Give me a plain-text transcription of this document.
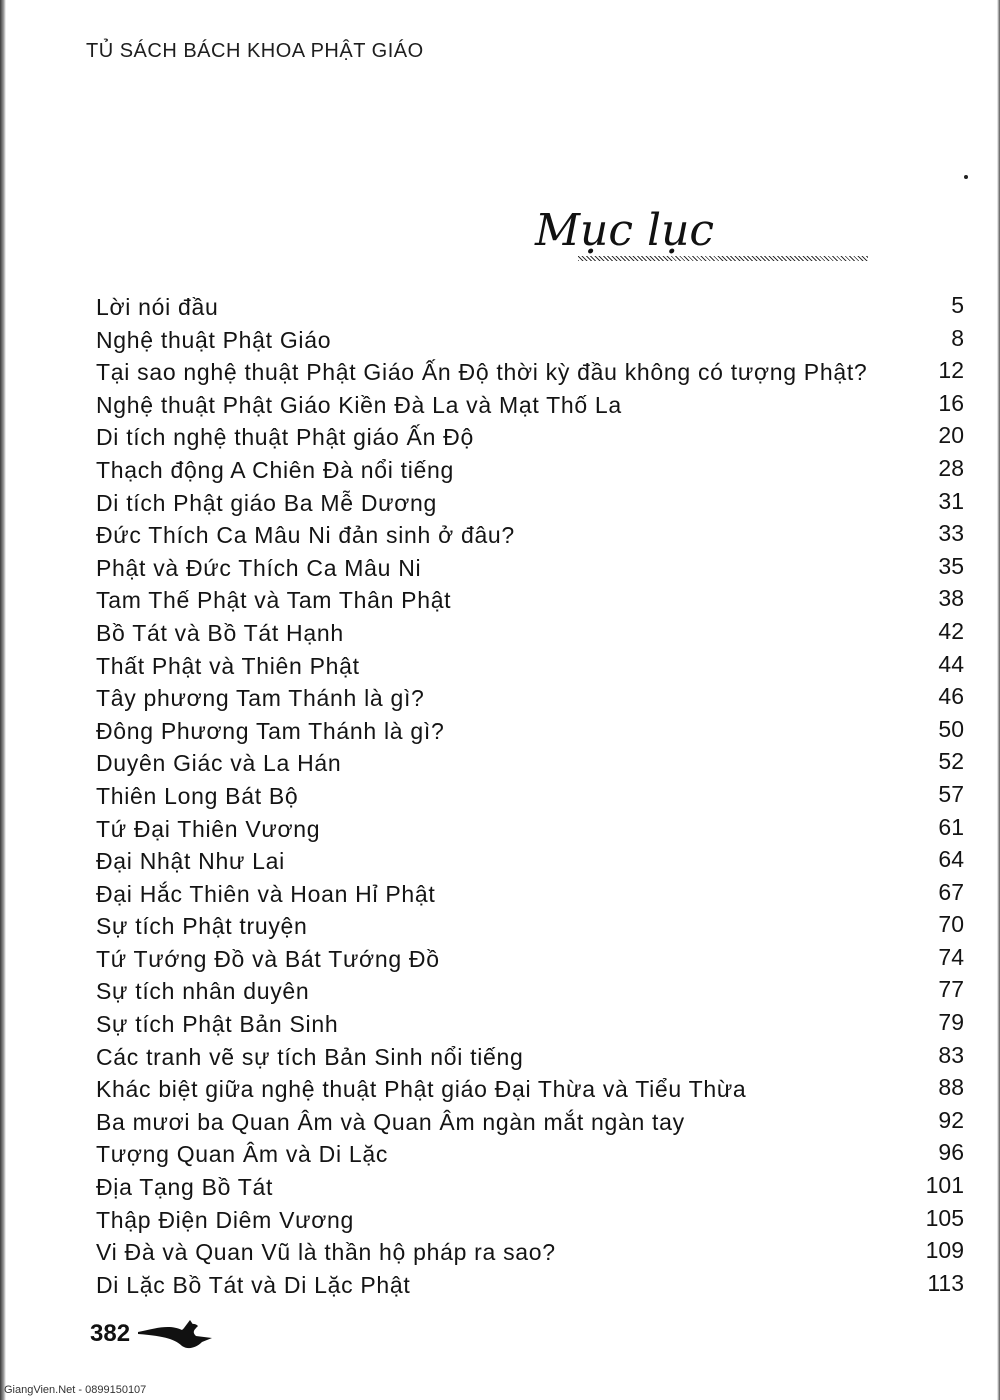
TỦ SÁCH BÁCH KHOA PHẬT GIÁO
Mục lục
Lời nói đầu	5
Nghệ thuật Phật Giáo	8
Tại sao nghệ thuật Phật Giáo Ấn Độ thời kỳ đầu không có tượng Phật?	12
Nghệ thuật Phật Giáo Kiền Đà La và Mạt Thố La	16
Di tích nghệ thuật Phật giáo Ấn Độ	20
Thạch động A Chiên Đà nổi tiếng	28
Di tích Phật giáo Ba Mễ Dương	31
Đức Thích Ca Mâu Ni đản sinh ở đâu?	33
Phật và Đức Thích Ca Mâu Ni	35
Tam Thế Phật và Tam Thân Phật	38
Bồ Tát và Bồ Tát Hạnh	42
Thất Phật và Thiên Phật	44
Tây phương Tam Thánh là gì?	46
Đông Phương Tam Thánh là gì?	50
Duyên Giác và La Hán	52
Thiên Long Bát Bộ	57
Tứ Đại Thiên Vương	61
Đại Nhật Như Lai	64
Đại Hắc Thiên và Hoan Hỉ Phật	67
Sự tích Phật truyện	70
Tứ Tướng Đồ và Bát Tướng Đồ	74
Sự tích nhân duyên	77
Sự tích Phật Bản Sinh	79
Các tranh vẽ sự tích Bản Sinh nổi tiếng	83
Khác biệt giữa nghệ thuật Phật giáo Đại Thừa và Tiểu Thừa	88
Ba mươi ba Quan Âm và Quan Âm ngàn mắt ngàn tay	92
Tượng Quan Âm và Di Lặc	96
Địa Tạng Bồ Tát	101
Thập Điện Diêm Vương	105
Vi Đà và Quan Vũ là thần hộ pháp ra sao?	109
Di Lặc Bồ Tát và Di Lặc Phật	113
382
GiangVien.Net - 0899150107
